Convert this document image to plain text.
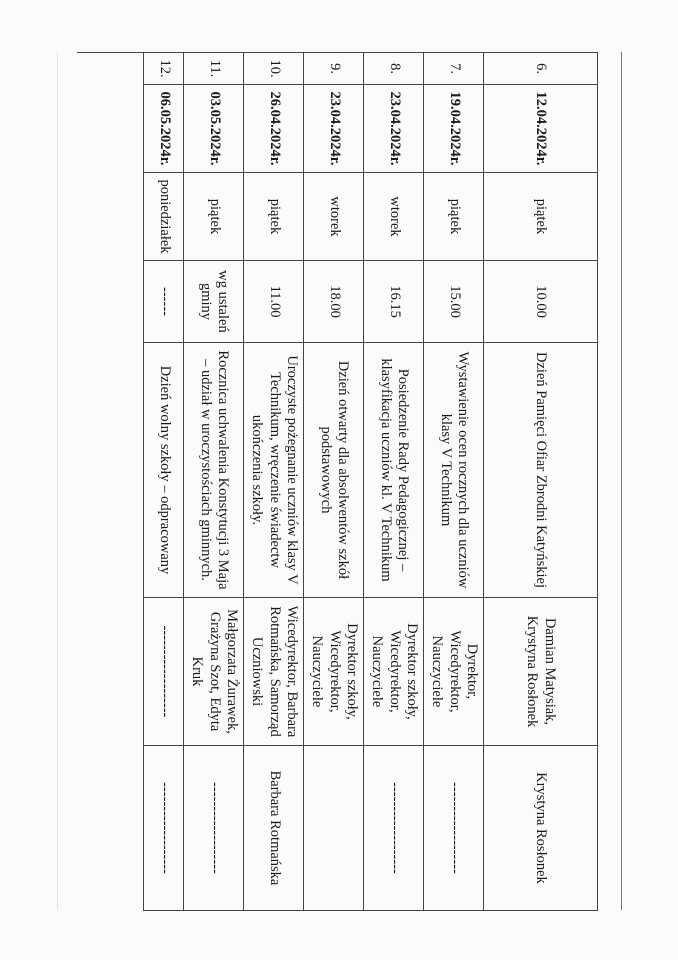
6.
12.04.2024r.
piątek
10.00
Dzień Pamięci Ofiar Zbrodni Katyńskiej
Damian Matysiak, Krystyna Rosłonek
Krystyna Rosłonek
7.
19.04.2024r.
piątek
15.00
Wystawienie ocen rocznych dla uczniów klasy V Technikum
Dyrektor, Wicedyrektor, Nauczyciele
-------------------
8.
23.04.2024r.
wtorek
16.15
Posiedzenie Rady Pedagogicznej – klasyfikacja uczniów kl. V Technikum
Dyrektor szkoły, Wicedyrektor, Nauczyciele
-------------------
9.
23.04.2024r.
wtorek
18.00
Dzień otwarty dla absolwentów szkół podstawowych
Dyrektor szkoły, Wicedyrektor, Nauczyciele
10.
26.04.2024r.
piątek
11.00
Uroczyste pożegnanie uczniów klasy V Technikum, wręczenie świadectw ukończenia szkoły.
Wicedyrektor, Barbara Rotmańska, Samorząd Uczniowski
Barbara Rotmańska
11.
03.05.2024r.
piątek
wg ustaleń gminy
Rocznica uchwalenia Konstytucji 3 Maja – udział w uroczystościach gminnych.
Małgorzata Żurawek, Grażyna Szot, Edyta Kruk
-------------------
12.
06.05.2024r.
poniedziałek
------
Dzień wolny szkoły – odpracowany
-------------------
-------------------
